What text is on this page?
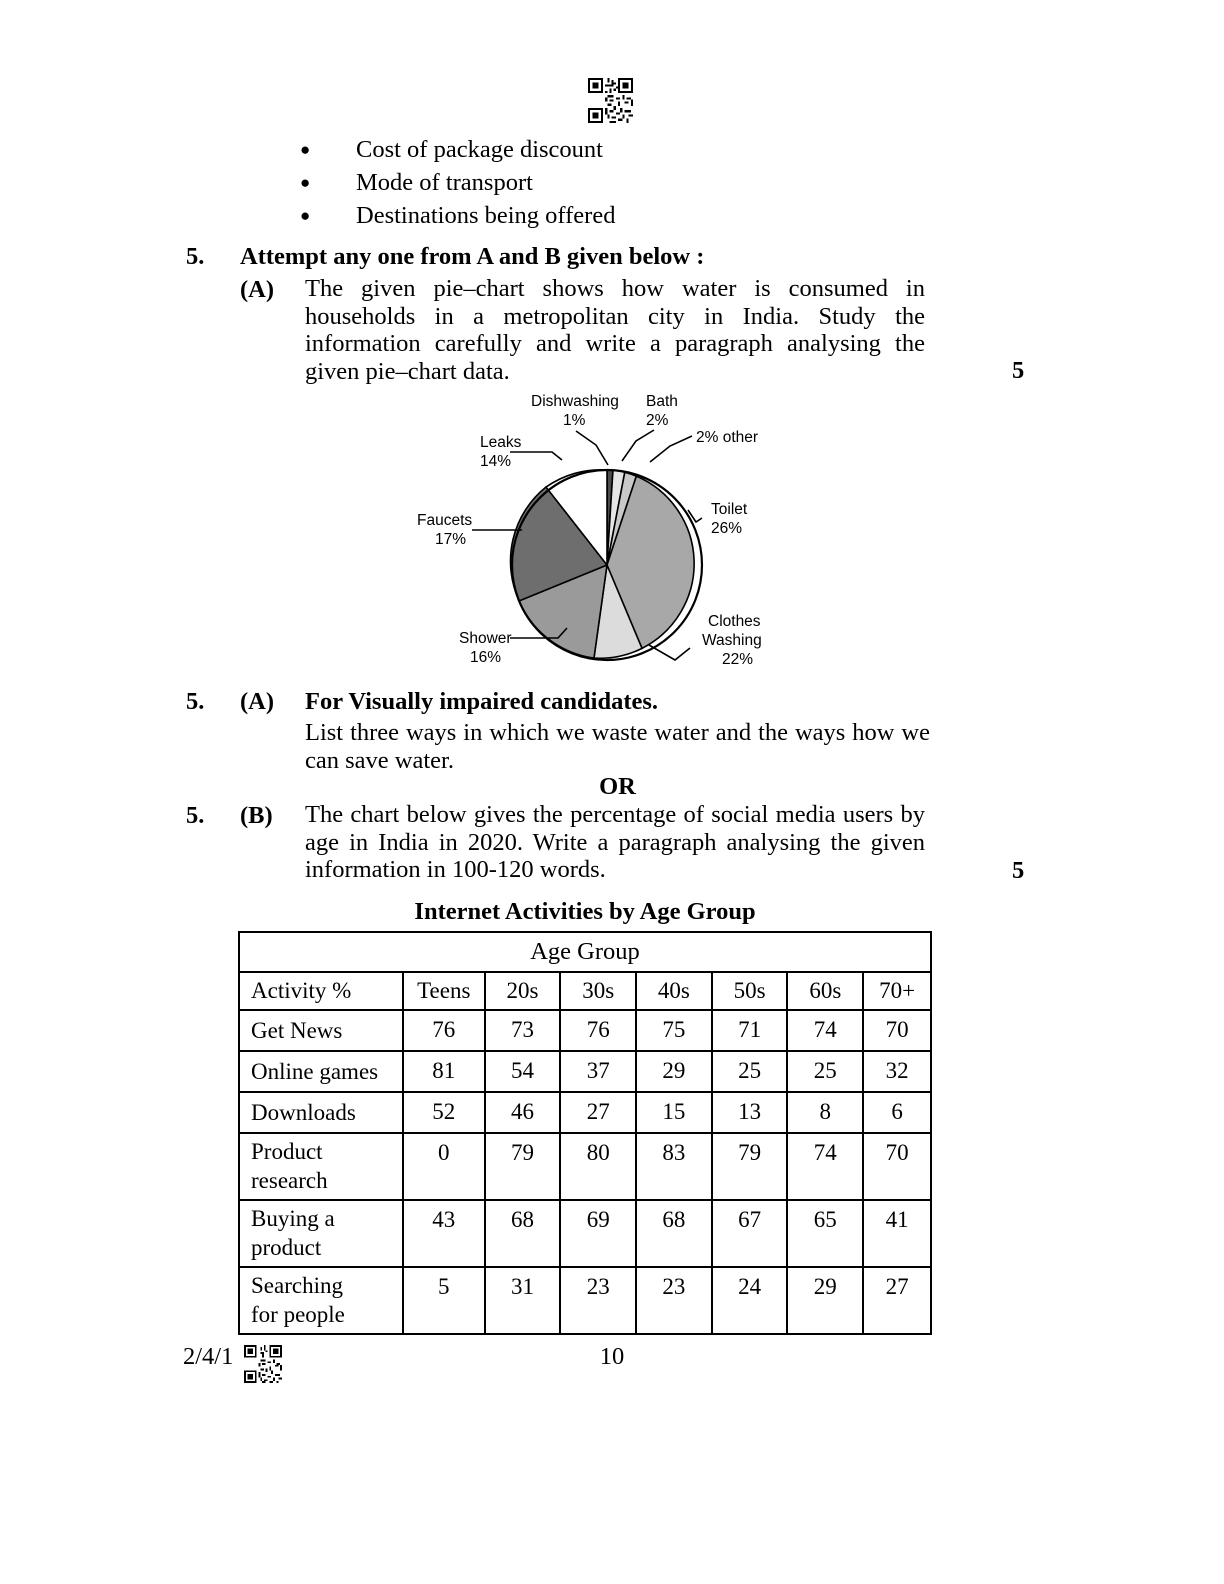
●	Cost of package discount
●	Mode of transport
●	Destinations being offered
5. Attempt any one from A and B given below :
(A) The given pie–chart shows how water is consumed in households in a metropolitan city in India. Study the information carefully and write a paragraph analysing the given pie–chart data.	5
Dishwashing
1%
Bath
2%
2% other
Toilet
26%
Clothes
Washing
22%
Shower
16%
Faucets
17%
Leaks
14%
5. (A) For Visually impaired candidates.
List three ways in which we waste water and the ways how we can save water.
OR
5. (B) The chart below gives the percentage of social media users by age in India in 2020. Write a paragraph analysing the given information in 100-120 words.	5
Internet Activities by Age Group
Age Group							
Activity %	Teens	20s	30s	40s	50s	60s	70+
Get News	76	73	76	75	71	74	70
Online games	81	54	37	29	25	25	32
Downloads	52	46	27	15	13	8	6
Product
research	0	79	80	83	79	74	70
Buying a
product	43	68	69	68	67	65	41
Searching
for people	5	31	23	23	24	29	27
2/4/1	10
